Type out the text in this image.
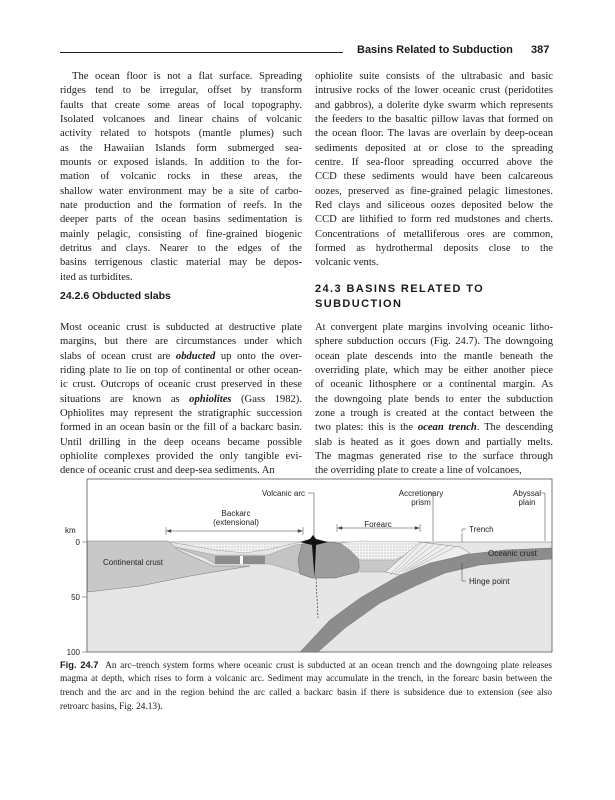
Basins Related to Subduction 387
The ocean floor is not a flat surface. Spreading
ridges tend to be irregular, offset by transform
faults that create some areas of local topography.
Isolated volcanoes and linear chains of volcanic
activity related to hotspots (mantle plumes) such
as the Hawaiian Islands form submerged sea-
mounts or exposed islands. In addition to the for-
mation of volcanic rocks in these areas, the
shallow water environment may be a site of carbo-
nate production and the formation of reefs. In the
deeper parts of the ocean basins sedimentation is
mainly pelagic, consisting of fine-grained biogenic
detritus and clays. Nearer to the edges of the
basins terrigenous clastic material may be depos-
ited as turbidites.
24.2.6 Obducted slabs
Most oceanic crust is subducted at destructive plate
margins, but there are circumstances under which
slabs of ocean crust are obducted up onto the over-
riding plate to lie on top of continental or other ocean-
ic crust. Outcrops of oceanic crust preserved in these
situations are known as ophiolites (Gass 1982).
Ophiolites may represent the stratigraphic succession
formed in an ocean basin or the fill of a backarc basin.
Until drilling in the deep oceans became possible
ophiolite complexes provided the only tangible evi-
dence of oceanic crust and deep-sea sediments. An
ophiolite suite consists of the ultrabasic and basic
intrusive rocks of the lower oceanic crust (peridotites
and gabbros), a dolerite dyke swarm which represents
the feeders to the basaltic pillow lavas that formed on
the ocean floor. The lavas are overlain by deep-ocean
sediments deposited at or close to the spreading
centre. If sea-floor spreading occurred above the
CCD these sediments would have been calcareous
oozes, preserved as fine-grained pelagic limestones.
Red clays and siliceous oozes deposited below the
CCD are lithified to form red mudstones and cherts.
Concentrations of metalliferous ores are common,
formed as hydrothermal deposits close to the
volcanic vents.
24.3 BASINS RELATED TO
SUBDUCTION
At convergent plate margins involving oceanic litho-
sphere subduction occurs (Fig. 24.7). The downgoing
ocean plate descends into the mantle beneath the
overriding plate, which may be either another piece
of oceanic lithosphere or a continental margin. As
the downgoing plate bends to enter the subduction
zone a trough is created at the contact between the
two plates: this is the ocean trench. The descending
slab is heated as it goes down and partially melts.
The magmas generated rise to the surface through
the overriding plate to create a line of volcanoes,
km
0
50
100
Volcanic arc	Accretionary
prism
Abyssal
plain
Backarc
(extensional)	Forearc
Trench
Oceanic crust
Hinge point
Continental crust
Fig. 24.7 An arc–trench system forms where oceanic crust is subducted at an ocean trench and the downgoing plate releases
magma at depth, which rises to form a volcanic arc. Sediment may accumulate in the trench, in the forearc basin between the
trench and the arc and in the region behind the arc called a backarc basin if there is subsidence due to extension (see also
retroarc basins, Fig. 24.13).
